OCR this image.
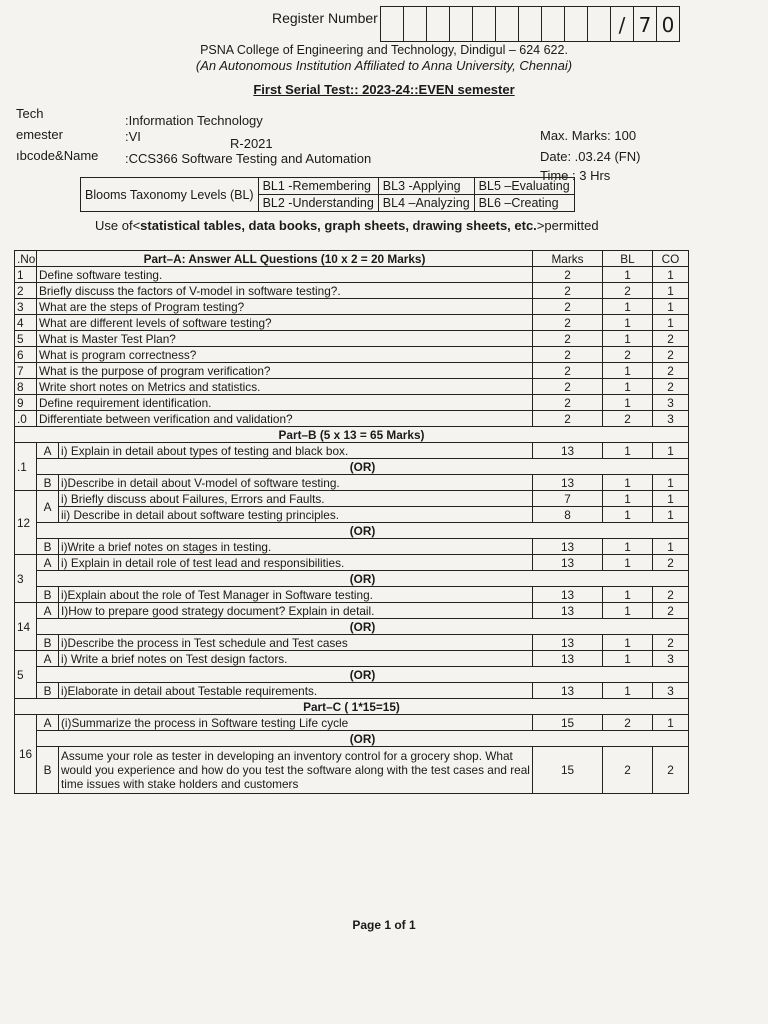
Register Number	/ 7 0
PSNA College of Engineering and Technology, Dindigul – 624 622.
(An Autonomous Institution Affiliated to Anna University, Chennai)
First Serial Test:: 2023-24::EVEN semester
Tech	:Information Technology
emester	:VI	R-2021
ıbcode&Name :CCS366 Software Testing and Automation
Max. Marks: 100
Date: .03.24 (FN)
Time : 3 Hrs
Blooms Taxonomy Levels (BL)	BL1 -Remembering	BL3 -Applying	BL5 –Evaluating
	BL2 -Understanding	BL4 –Analyzing	BL6 –Creating
Use of<statistical tables, data books, graph sheets, drawing sheets, etc.>permitted
.No	Part–A: Answer ALL Questions (10 x 2 = 20 Marks)		Marks	BL	CO
1	Define software testing.		2	1	1
2	Briefly discuss the factors of V-model in software testing?.		2	2	1
3	What are the steps of Program testing?		2	1	1
4	What are different levels of software testing?		2	1	1
5	What is Master Test Plan?		2	1	2
6	What is program correctness?		2	2	2
7	What is the purpose of program verification?		2	1	2
8	Write short notes on Metrics and statistics.		2	1	2
9	Define requirement identification.		2	1	3
.0	Differentiate between verification and validation?		2	2	3
Part–B (5 x 13 = 65 Marks)					
.1	A	i) Explain in detail about types of testing and black box.	13	1	1
	(OR)				
	B	i)Describe in detail about V-model of software testing.	13	1	1
12	A	i) Briefly discuss about Failures, Errors and Faults.	7	1	1
		ii) Describe in detail about software testing principles.	8	1	1
	(OR)				
	B	i)Write a brief notes on stages in testing.	13	1	1
3	A	i) Explain in detail role of test lead and responsibilities.	13	1	2
	(OR)				
	B	i)Explain about the role of Test Manager in Software testing.	13	1	2
14	A	I)How to prepare good strategy document? Explain in detail.	13	1	2
	(OR)				
	B	i)Describe the process in Test schedule and Test cases	13	1	2
5	A	i) Write a brief notes on Test design factors.	13	1	3
	(OR)				
	B	i)Elaborate in detail about Testable requirements.	13	1	3
Part–C ( 1*15=15)					
16	A	(i)Summarize the process in Software testing Life cycle	15	2	1
	(OR)				
	B	Assume your role as tester in developing an inventory control for a grocery shop. What would you experience and how do you test the software along with the test cases and real time issues with stake holders and customers	15	2	2
Page 1 of 1
